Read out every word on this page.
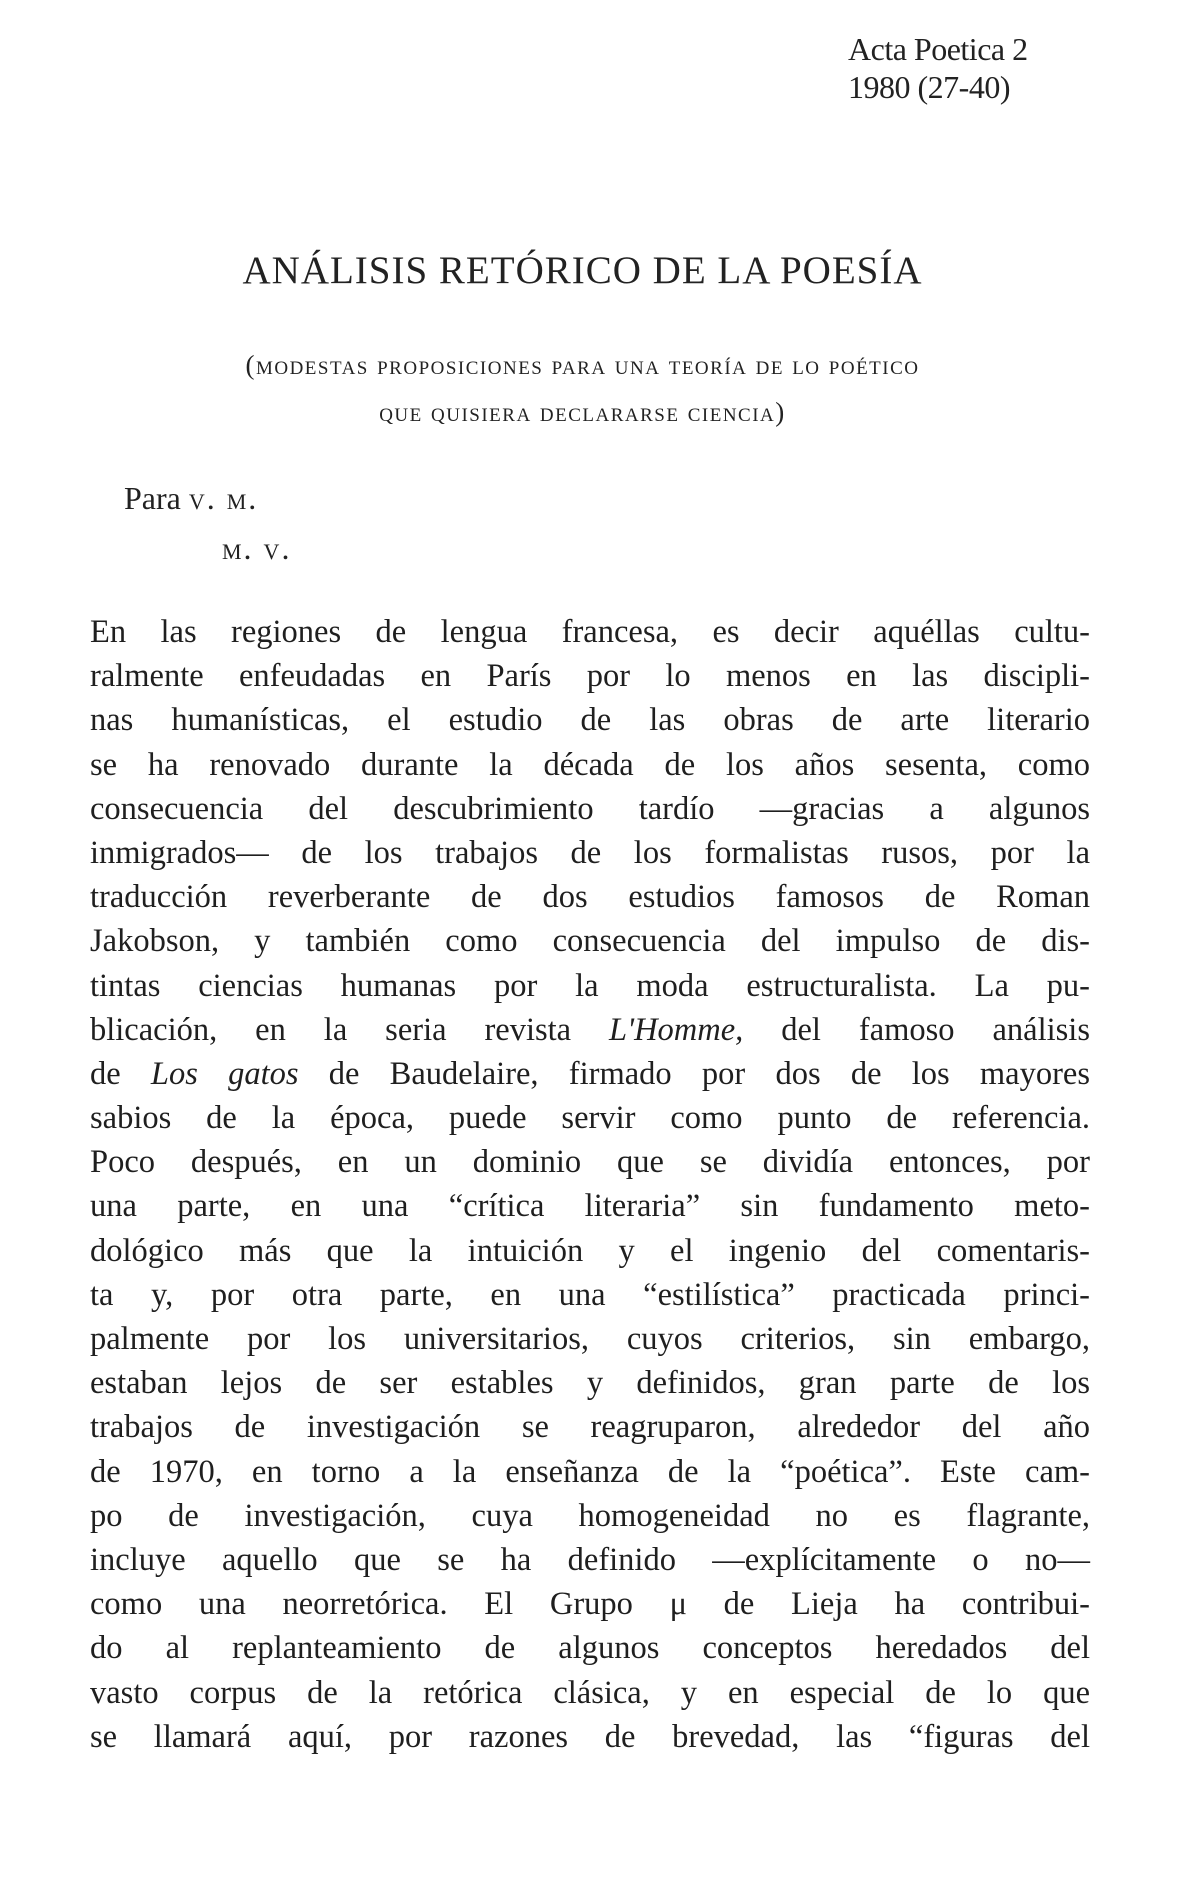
Acta Poetica 2
1980 (27-40)
ANÁLISIS RETÓRICO DE LA POESÍA
(modestas proposiciones para una teoría de lo poético
que quisiera declararse ciencia)
Para v. m.
m. v.
En las regiones de lengua francesa, es decir aquéllas cultu-
ralmente enfeudadas en París por lo menos en las discipli-
nas humanísticas, el estudio de las obras de arte literario
se ha renovado durante la década de los años sesenta, como
consecuencia del descubrimiento tardío —gracias a algunos
inmigrados— de los trabajos de los formalistas rusos, por la
traducción reverberante de dos estudios famosos de Roman
Jakobson, y también como consecuencia del impulso de dis-
tintas ciencias humanas por la moda estructuralista. La pu-
blicación, en la seria revista L'Homme, del famoso análisis
de Los gatos de Baudelaire, firmado por dos de los mayores
sabios de la época, puede servir como punto de referencia.
Poco después, en un dominio que se dividía entonces, por
una parte, en una “crítica literaria” sin fundamento meto-
dológico más que la intuición y el ingenio del comentaris-
ta y, por otra parte, en una “estilística” practicada princi-
palmente por los universitarios, cuyos criterios, sin embargo,
estaban lejos de ser estables y definidos, gran parte de los
trabajos de investigación se reagruparon, alrededor del año
de 1970, en torno a la enseñanza de la “poética”. Este cam-
po de investigación, cuya homogeneidad no es flagrante,
incluye aquello que se ha definido —explícitamente o no—
como una neorretórica. El Grupo μ de Lieja ha contribui-
do al replanteamiento de algunos conceptos heredados del
vasto corpus de la retórica clásica, y en especial de lo que
se llamará aquí, por razones de brevedad, las “figuras del
